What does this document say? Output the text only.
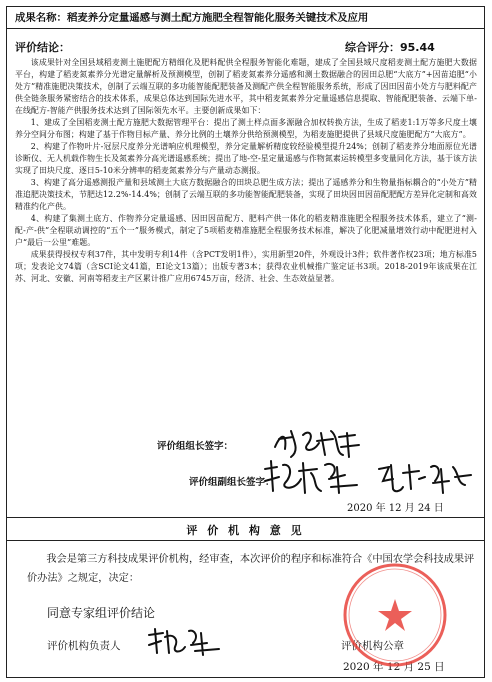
成果名称：稻麦养分定量遥感与测土配方施肥全程智能化服务关键技术及应用
评价结论：	综合评分：95.44

该成果针对全国县域稻麦测土施肥配方精细化及肥料配供全程服务智能化难题，建成了全国县域尺度稻麦测土配方施肥大数据平台，构建了稻麦氮素养分光谱定量解析及预测模型，创制了稻麦氮素养分遥感和测土数据融合的因田总肥“大底方”+因苗追肥“小处方”精准施肥决策技术，创制了云端互联的多功能智能配肥装备及测配产供全程智能服务系统，形成了因田因苗小处方与肥料配产供全链条服务紧密结合的技术体系，成果总体达到国际先进水平，其中稻麦氮素养分定量遥感信息提取、智能配肥装备、云端下单-在线配方-智能产供服务技术达到了国际领先水平。主要创新成果如下：

1、建成了全国稻麦测土配方施肥大数据管理平台：提出了测土样点面多源融合加权转换方法，生成了稻麦1:1万等多尺度土壤养分空间分布图；构建了基于作物目标产量、养分比例的土壤养分供给预测模型，为稻麦施肥提供了县域尺度施肥配方“大底方”。

2、构建了作物叶片-冠层尺度养分光谱响应机理模型，养分定量解析精度较经验模型提升24%；创制了稻麦养分地面原位光谱诊断仪、无人机载作物生长及氮素养分高光谱遥感系统；提出了地-空-星定量遥感与作物氮素运转模型多变量同化方法，基于该方法实现了田块尺度、逐日5-10米分辨率的稻麦氮素养分与产量动态测报。

3、构建了高分遥感测报产量和县域测土大底方数据融合的田块总肥生成方法；提出了遥感养分和生物量指标耦合的“小处方”精准追肥决策技术，节肥达12.2%-14.4%；创制了云端互联的多功能智能配肥装备，实现了田块因田因苗配肥配方差异化定制和高效精准约化产供。

4、构建了集测土底方、作物养分定量遥感、因田因苗配方、肥料产供一体化的稻麦精准施肥全程服务技术体系，建立了“测-配-产-供”全程联动调控的“五个一”服务模式，制定了5项稻麦精准施肥全程服务技术标准，解决了化肥减量增效行动中配肥进村入户“最后一公里”难题。

成果获得授权专利37件，其中发明专利14件（含PCT发明1件），实用新型20件，外观设计3件；软件著作权23项；地方标准5项；发表论文74篇（含SCI论文41篇，EI论文13篇）；出版专著3本；获得农业机械推广鉴定证书3项。2018-2019年该成果在江苏、河北、安徽、河南等稻麦主产区累计推广应用6745万亩，经济、社会、生态效益显著。

评价组组长签字：
评价组副组长签字：
2020 年 12 月 24 日
评 价 机 构 意 见

我会是第三方科技成果评价机构，经审查，本次评价的程序和标准符合《中国农学会科技成果评价办法》之规定，决定：

同意专家组评价结论
评价机构负责人	评价机构公章
2020 年 12 月 25 日
